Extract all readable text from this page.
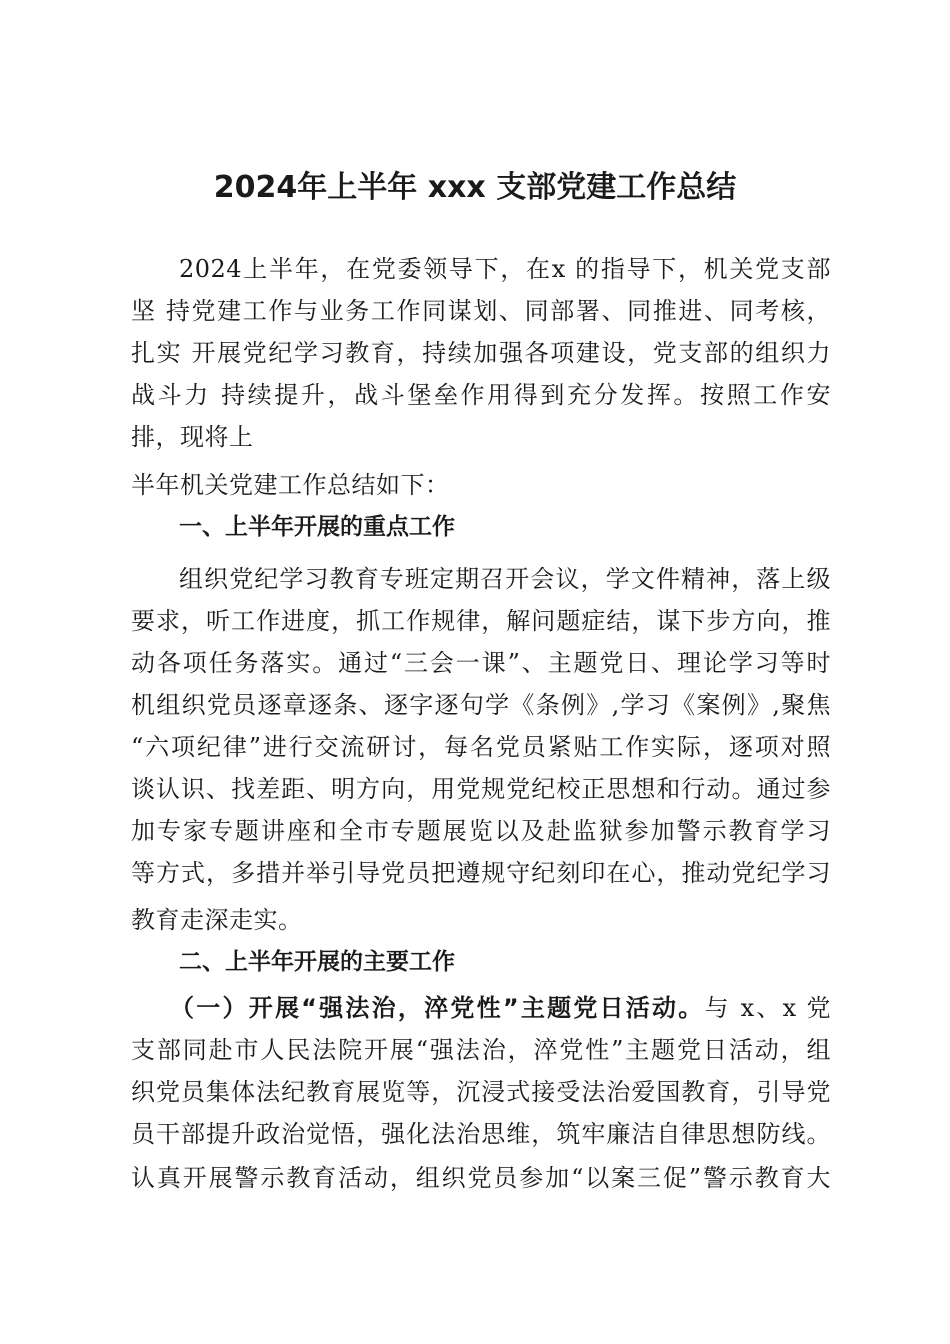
2024年上半年 xxx 支部党建工作总结
2024上半年，在党委领导下，在x 的指导下，机关党支部
坚 持党建工作与业务工作同谋划、同部署、同推进、同考核，
扎实 开展党纪学习教育，持续加强各项建设，党支部的组织力
战斗力 持续提升，战斗堡垒作用得到充分发挥。按照工作安
排，现将上
半年机关党建工作总结如下：
一、上半年开展的重点工作
组织党纪学习教育专班定期召开会议，学文件精神，落上级
要求，听工作进度，抓工作规律，解问题症结，谋下步方向，推
动各项任务落实。通过“三会一课”、主题党日、理论学习等时
机组织党员逐章逐条、逐字逐句学《条例》,学习《案例》,聚焦
“六项纪律”进行交流研讨，每名党员紧贴工作实际，逐项对照
谈认识、找差距、明方向，用党规党纪校正思想和行动。通过参
加专家专题讲座和全市专题展览以及赴监狱参加警示教育学习
等方式，多措并举引导党员把遵规守纪刻印在心，推动党纪学习
教育走深走实。
二、上半年开展的主要工作
（一）开展“强法治，淬党性”主题党日活动。与 x、x 党
支部同赴市人民法院开展“强法治，淬党性”主题党日活动，组
织党员集体法纪教育展览等，沉浸式接受法治爱国教育，引导党
员干部提升政治觉悟，强化法治思维，筑牢廉洁自律思想防线。
认真开展警示教育活动，组织党员参加“以案三促”警示教育大
